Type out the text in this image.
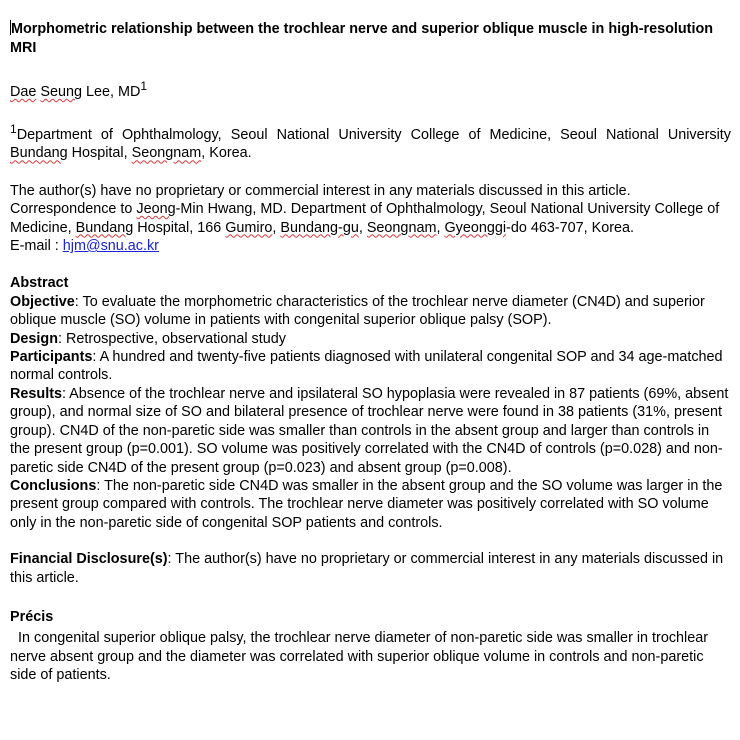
Morphometric relationship between the trochlear nerve and superior oblique muscle in high-resolution MRI

Dae Seung Lee, $MD^1$

$^1$Department of Ophthalmology, Seoul National University College of Medicine, Seoul National University Bundang Hospital, Seongnam, Korea.

The author(s) have no proprietary or commercial interest in any materials discussed in this article.

Correspondence to Jeong-Min Hwang, MD. Department of Ophthalmology, Seoul National University College of Medicine, Bundang Hospital, 166 Gumiro, Bundang-gu, Seongnam, Gyeonggi-do 463-707, Korea.

E-mail : hjm@snu.ac.kr

Abstract

Objective: To evaluate the morphometric characteristics of the trochlear nerve diameter (CN4D) and superior oblique muscle (SO) volume in patients with congenital superior oblique palsy (SOP).

Design: Retrospective, observational study

Participants: A hundred and twenty-five patients diagnosed with unilateral congenital SOP and 34 age-matched normal controls.

Results: Absence of the trochlear nerve and ipsilateral SO hypoplasia were revealed in 87 patients (69%, absent group), and normal size of SO and bilateral presence of trochlear nerve were found in 38 patients (31%, present group). CN4D of the non-paretic side was smaller than controls in the absent group and larger than controls in the present group (p=0.001). SO volume was positively correlated with the CN4D of controls (p=0.028) and non-paretic side CN4D of the present group (p=0.023) and absent group (p=0.008).

Conclusions: The non-paretic side CN4D was smaller in the absent group and the SO volume was larger in the present group compared with controls. The trochlear nerve diameter was positively correlated with SO volume only in the non-paretic side of congenital SOP patients and controls.

Financial Disclosure(s): The author(s) have no proprietary or commercial interest in any materials discussed in this article.

Précis

In congenital superior oblique palsy, the trochlear nerve diameter of non-paretic side was smaller in trochlear nerve absent group and the diameter was correlated with superior oblique volume in controls and non-paretic side of patients.
